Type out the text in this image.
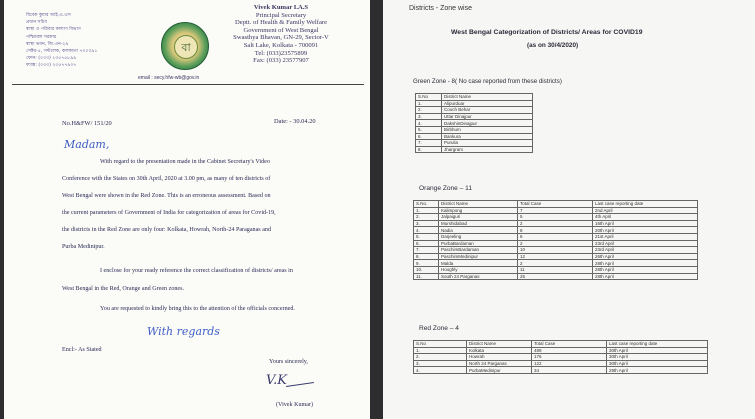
বিবেক কুমার আই.এ.এস
প্রধান সচিব
স্বাস্থ্য ও পরিবার কল্যাণ বিভাগ
পশ্চিমবঙ্গ সরকার
স্বাস্থ্য ভবন, জি.এন-২৯
সেক্টর-৫, সল্টলেক, কলকাতা ৭০০০৯১
ফোন: (০৩৩) ২৩৫৭৫৮৯৯
ফ্যাক্স: (০৩৩) ২৩৫৭৭৯০৭
বা
Vivek Kumar I.A.S
Principal Secretary
Deptt. of Health & Family Welfare
Government of West Bengal
Swasthya Bhavan, GN-29, Sector-V
Salt Lake, Kolkata - 700091
Tel: (033)23575899
Fax: (033) 23577907
email : secy.hfw-wb@gov.in
No.H&FW/ 151/20	Date: - 30.04.20
Madam,
With regard to the presentation made in the Cabinet Secretary's Video
Conference with the States on 30th April, 2020 at 3.00 pm, as many of ten districts of
West Bengal were shown in the Red Zone. This is an erroneous assessment. Based on
the current parameters of Government of India for categorization of areas for Covid-19,
the districts in the Red Zone are only four: Kolkata, Howrah, North-24 Paraganas and
Purba Medinipur.
I enclose for your ready reference the correct classification of districts/ areas in
West Bengal in the Red, Orange and Green zones.
You are requested to kindly bring this to the attention of the officials concerned.
With regards
Encl:- As Stated
Yours sincerely,
V.K
(Vivek Kumar)
Districts - Zone wise
West Bengal Categorization of Districts/ Areas for COVID19
(as on 30/4/2020)
Green Zone - 8( No case reported from these districts)
S.No	District Name
1.	Alipurduar
2.	Cooch Behar
3.	Uttar Dinajpur
4.	DakshinDinajpur
5.	Birbhum
6.	Bankura
7.	Purulia
8.	Jhargram
Orange Zone – 11
S.No.	District Name	Total Case	Last case reporting date
1.	Kalimpong	7	2nd April
2.	Jalpaiguri	5	4th April
3.	Murshidabad	2	16th April
4.	Nadia	8	20th April
5.	Darjeeling	6	21st April
6.	PurbaBardaman	2	23rd April
7.	PaschimBardaman	10	23rd April
8.	PaschimMedinipur	12	26th April
9.	Malda	2	28th April
10.	Hooghly	11	28th April
11.	South 24 Parganas	25	28th April
Red Zone – 4
S.No	District Name	Total Case	Last case reporting date
1.	Kolkata	489	30th April
2.	Howrah	176	30th April
3.	North 24 Parganas	122	30th April
4.	PurbaMedinipur	34	29th April
